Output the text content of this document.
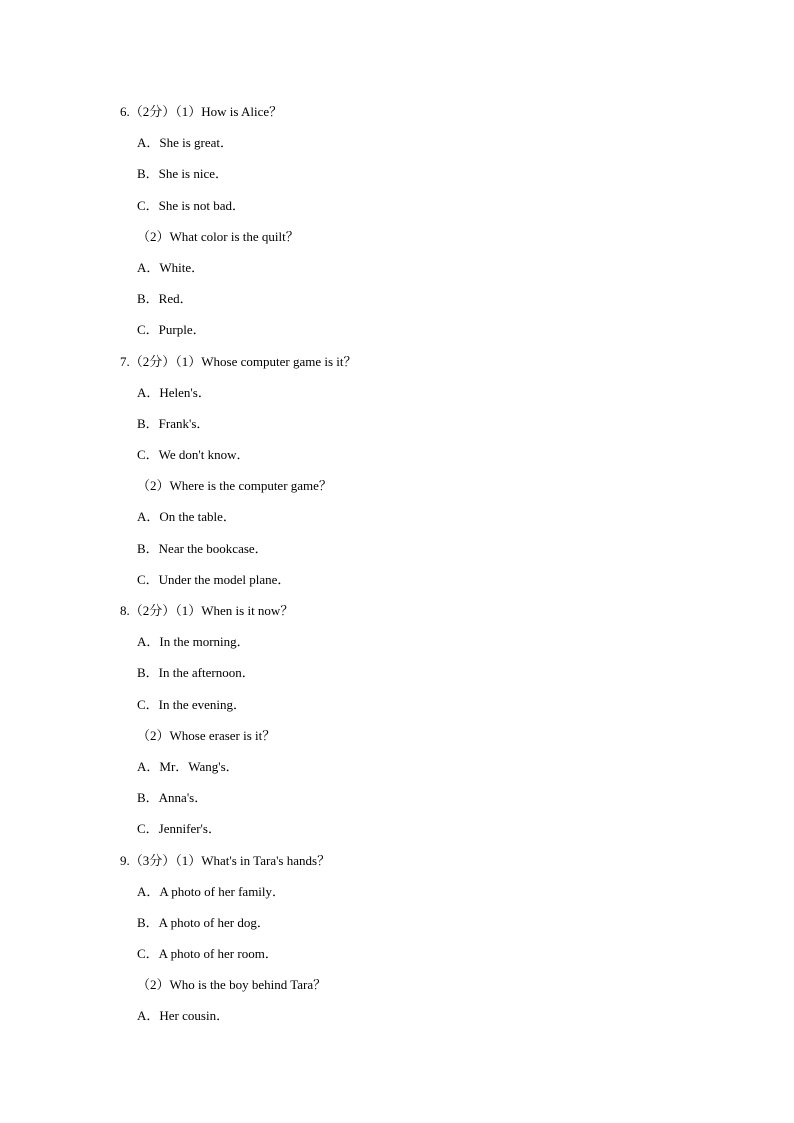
6.（2分）（1）How is Alice？
A．She is great．
B．She is nice．
C．She is not bad．
（2）What color is the quilt？
A．White．
B．Red．
C．Purple．
7.（2分）（1）Whose computer game is it？
A．Helen's．
B．Frank's．
C．We don't know．
（2）Where is the computer game？
A．On the table．
B．Near the bookcase．
C．Under the model plane．
8.（2分）（1）When is it now？
A．In the morning．
B．In the afternoon．
C．In the evening．
（2）Whose eraser is it？
A．Mr．Wang's．
B．Anna's．
C．Jennifer's．
9.（3分）（1）What's in Tara's hands？
A．A photo of her family．
B．A photo of her dog．
C．A photo of her room．
（2）Who is the boy behind Tara？
A．Her cousin．
